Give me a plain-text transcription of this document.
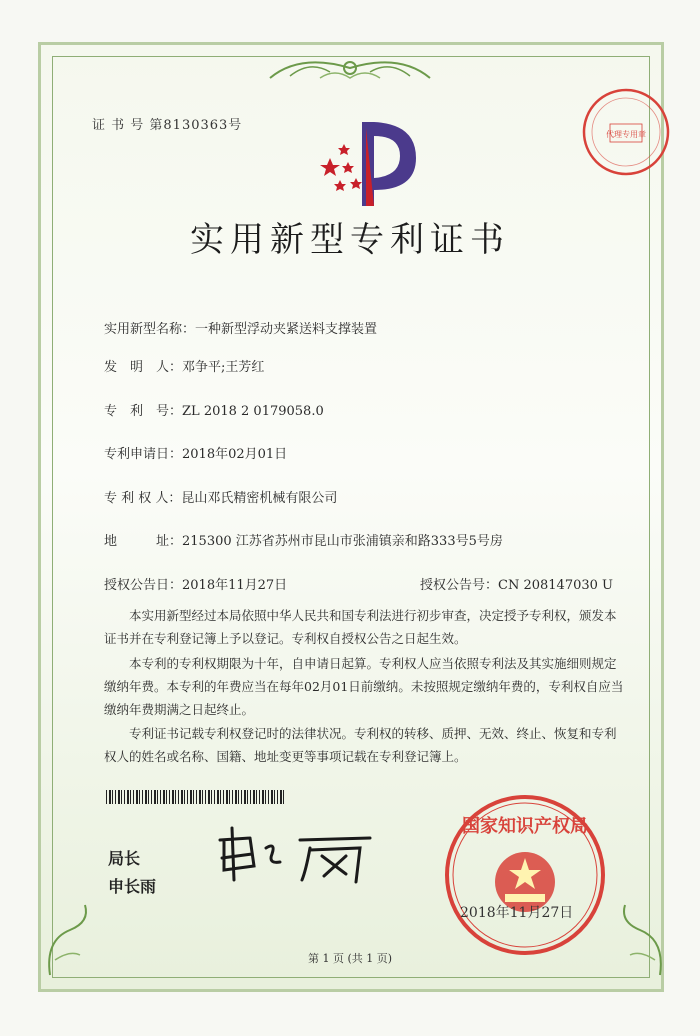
证 书 号 第8130363号
代理专用章
实用新型专利证书
实用新型名称：一种新型浮动夹紧送料支撑装置
发　明　人：邓争平;王芳红
专　利　号：ZL 2018 2 0179058.0
专利申请日：2018年02月01日
专 利 权 人：昆山邓氏精密机械有限公司
地　　　址：215300 江苏省苏州市昆山市张浦镇亲和路333号5号房
授权公告日：2018年11月27日	授权公告号：CN 208147030 U
本实用新型经过本局依照中华人民共和国专利法进行初步审查，决定授予专利权，颁发本证书并在专利登记簿上予以登记。专利权自授权公告之日起生效。
本专利的专利权期限为十年，自申请日起算。专利权人应当依照专利法及其实施细则规定缴纳年费。本专利的年费应当在每年02月01日前缴纳。未按照规定缴纳年费的，专利权自应当缴纳年费期满之日起终止。
专利证书记载专利权登记时的法律状况。专利权的转移、质押、无效、终止、恢复和专利权人的姓名或名称、国籍、地址变更等事项记载在专利登记簿上。
局长
申长雨
国家知识产权局
2018年11月27日
第 1 页 (共 1 页)
